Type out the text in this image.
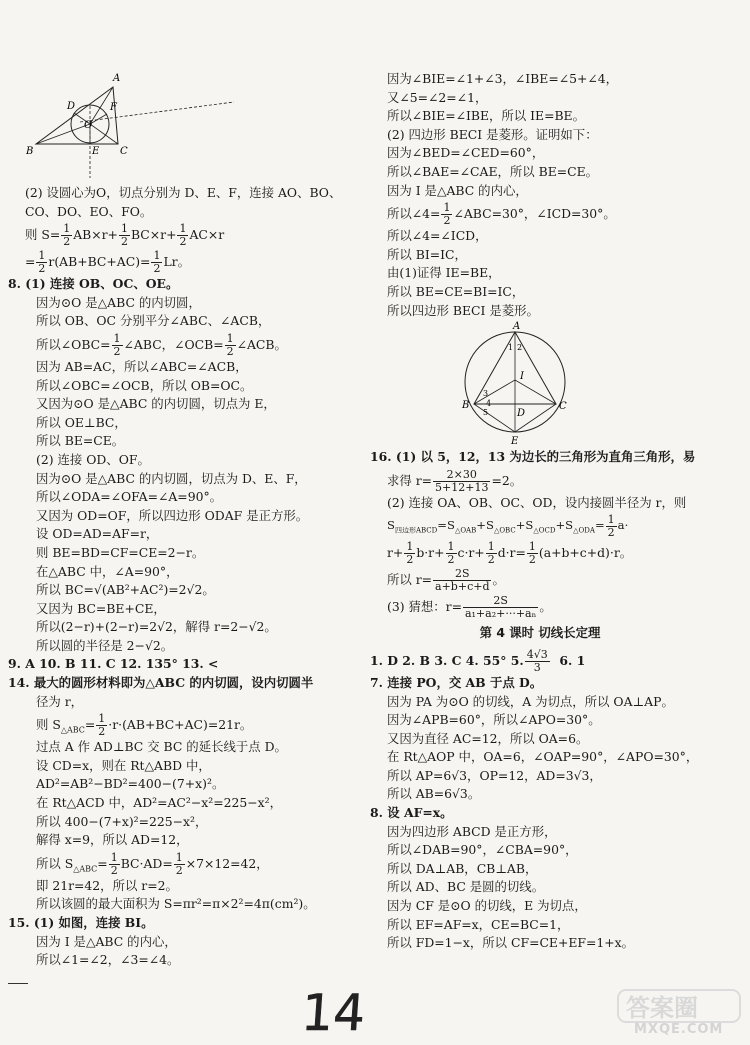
A
D	F
O
B	E C
(2) 设圆心为O，切点分别为 D、E、F，连接 AO、BO、
CO、DO、EO、FO。
则 $S= \frac{1}{2} AB\times r+ \frac{1}{2} BC\times r+ \frac{1}{2} AC\times r$
= $\frac{1}{2} r(AB+BC+AC)= \frac{1}{2}$ Lr。
8. (1) 连接 OB、OC、OE。
因为⊙O 是△ABC 的内切圆，
所以 OB、OC 分别平分∠ABC、∠ACB，
所以∠OBC= $\frac{1}{2}$ ∠ABC，∠OCB= $\frac{1}{2}$ ∠ACB。
因为 AB=AC，所以∠ABC=∠ACB，
所以∠OBC=∠OCB，所以 OB=OC。
又因为⊙O 是△ABC 的内切圆，切点为 E，
所以 OE⊥BC，
所以 BE=CE。
(2) 连接 OD、OF。
因为⊙O 是△ABC 的内切圆，切点为 D、E、F，
所以∠ODA=∠OFA=∠A=90°。
又因为 OD=OF，所以四边形 ODAF 是正方形。
设 OD=AD=AF=r，
则 BE=BD=CF=CE=2−r。
在△ABC 中，∠A=90°，
所以 BC=√(AB²+AC²)=2√2。
又因为 BC=BE+CE，
所以(2−r)+(2−r)=2√2，解得 r=2−√2。
所以圆的半径是 2−√2。
9. A 10. B 11. C 12. 135° 13. <
14. 最大的圆形材料即为△ABC 的内切圆，设内切圆半
径为 r，
则 $S_{\triangle ABC}= \frac{1}{2} \cdot r\cdot(AB+BC+AC)=21r$。
过点 A 作 AD⊥BC 交 BC 的延长线于点 D。
设 CD=x，则在 Rt△ABD 中，
AD²=AB²−BD²=400−(7+x)²。
在 Rt△ACD 中，AD²=AC²−x²=225−x²，
所以 400−(7+x)²=225−x²，
解得 x=9，所以 AD=12，
所以 $S_{\triangle ABC}= \frac{1}{2} BC\cdot AD= \frac{1}{2} \times 7\times 12=42$，
即 21r=42，所以 r=2。
所以该圆的最大面积为 S=πr²=π×2²=4π(cm²)。
15. (1) 如图，连接 BI。
因为 I 是△ABC 的内心，
所以∠1=∠2，∠3=∠4。
因为∠BIE=∠1+∠3，∠IBE=∠5+∠4，
又∠5=∠2=∠1，
所以∠BIE=∠IBE，所以 IE=BE。
(2) 四边形 BECI 是菱形。证明如下：
因为∠BED=∠CED=60°，
所以∠BAE=∠CAE，所以 BE=CE。
因为 I 是△ABC 的内心，
所以∠4= $\frac{1}{2}$ ∠ABC=30°，∠ICD=30°。
所以∠4=∠ICD，
所以 BI=IC，
由(1)证得 IE=BE，
所以 BE=CE=BI=IC，
所以四边形 BECI 是菱形。
A
1 2
I
3
4
5
B
D
C
E
16. (1) 以 5，12，13 为边长的三角形为直角三角形，易
求得 $r= \frac{2\times 30}{5+12+13} =2$。
(2) 连接 OA、OB、OC、OD，设内接圆半径为 r，则
$S_{四边形ABCD}=S_{\triangle OAB}+S_{\triangle OBC}+S_{\triangle OCD}+S_{\triangle ODA}= \frac{1}{2} a\cdot$
$r+ \frac{1}{2} b\cdot r+ \frac{1}{2} c\cdot r+ \frac{1}{2} d\cdot r= \frac{1}{2} (a+b+c+d)\cdot r$。
所以 $r= \frac{2S}{a+b+c+d}$ 。
(3) 猜想：$r= \frac{2S}{\text{a₁+a₂+···+aₙ}}$ 。
第 4 课时 切线长定理
1. D 2. B 3. C 4. 55° 5. $\frac{4√3}{3} 6$. 1
7. 连接 PO，交 AB 于点 D。
因为 PA 为⊙O 的切线，A 为切点，所以 OA⊥AP。
因为∠APB=60°，所以∠APO=30°。
又因为直径 AC=12，所以 OA=6。
在 Rt△AOP 中，OA=6，∠OAP=90°，∠APO=30°，
所以 AP=6√3，OP=12，AD=3√3，
所以 AB=6√3。
8. 设 AF=x。
因为四边形 ABCD 是正方形，
所以∠DAB=90°，∠CBA=90°，
所以 DA⊥AB，CB⊥AB，
所以 AD、BC 是圆的切线。
因为 CF 是⊙O 的切线，E 为切点，
所以 EF=AF=x，CE=BC=1，
所以 FD=1−x，所以 CF=CE+EF=1+x。
14	答案圈
MXQE.COM
